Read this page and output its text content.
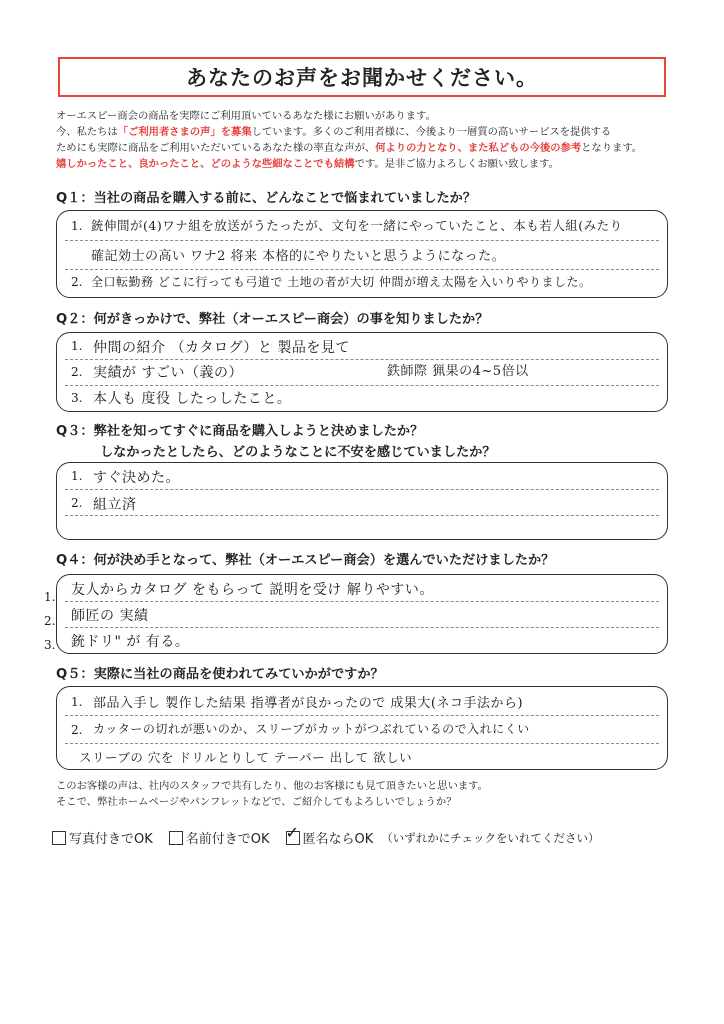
あなたのお声をお聞かせください。
オーエスピー商会の商品を実際にご利用頂いているあなた様にお願いがあります。
今、私たちは「ご利用者さまの声」を募集しています。多くのご利用者様に、今後より一層質の高いサービスを提供する
ためにも実際に商品をご利用いただいているあなた様の率直な声が、何よりの力となり、また私どもの今後の参考となります。
嬉しかったこと、良かったこと、どのような些細なことでも結構です。是非ご協力よろしくお願い致します。
Q１：当社の商品を購入する前に、どんなことで悩まれていましたか？
1. 銃伸間が(4)ワナ組を放送がうたったが、文句を一緒にやっていたこと、本も若人組(みたり
確記効士の高い ワナ2 将来 本格的にやりたいと思うようになった。
2. 全口転勤務 どこに行っても弓道で 土地の者が大切 仲間が増え太陽を入いりやりました。
Q２：何がきっかけで、弊社（オーエスピー商会）の事を知りましたか？
1. 仲間の紹介 （カタログ）と 製品を見て
2. 実績が すごい（義の）	鉄師際 猟果の4~5倍以
3. 本人も 度役 したっしたこと。
Q３：弊社を知ってすぐに商品を購入しようと決めましたか？
しなかったとしたら、どのようなことに不安を感じていましたか？
1. すぐ決めた。
2. 組立済
Q４：何が決め手となって、弊社（オーエスピー商会）を選んでいただけましたか？
友人からカタログ をもらって 説明を受け 解りやすい。
師匠の 実績
銃ドリ" が 有る。
1.
2.
3.
Q５：実際に当社の商品を使われてみていかがですか？
1. 部品入手し 製作した結果 指導者が良かったので 成果大(ネコ手法から)
2. カッターの切れが悪いのか、スリーブがカットがつぶれているので入れにくい
スリーブの 穴を ドリルとりして テーパー 出して 欲しい
このお客様の声は、社内のスタッフで共有したり、他のお客様にも見て頂きたいと思います。
そこで、弊社ホームページやパンフレットなどで、ご紹介してもよろしいでしょうか？
写真付きでOK	名前付きでOK ✓ 匿名ならOK （いずれかにチェックをいれてください）
